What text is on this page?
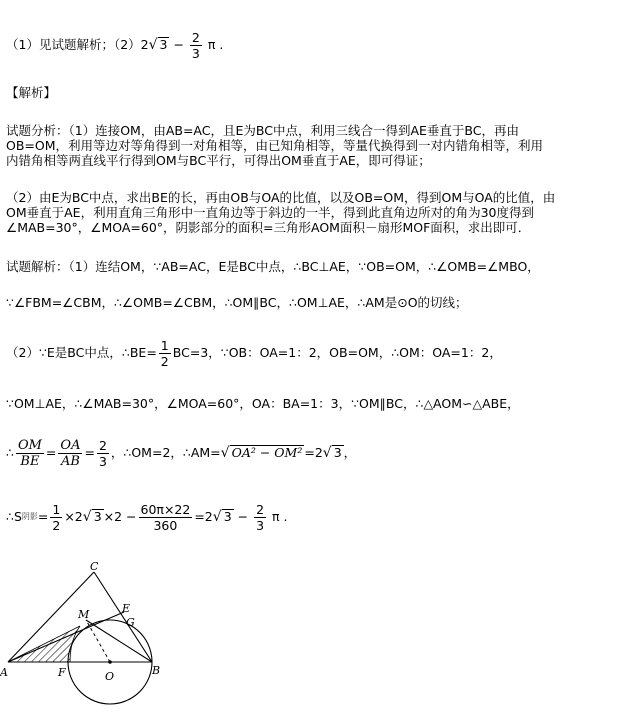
（1）见试题解析；（2）2√ $3 - \frac{2}{3}$ π .
【解析】
试题分析：（1）连接OM，由AB=AC，且E为BC中点，利用三线合一得到AE垂直于BC，再由
OB=OM，利用等边对等角得到一对角相等，由已知角相等，等量代换得到一对内错角相等，利用
内错角相等两直线平行得到OM与BC平行，可得出OM垂直于AE，即可得证；
（2）由E为BC中点，求出BE的长，再由OB与OA的比值，以及OB=OM，得到OM与OA的比值，由
OM垂直于AE，利用直角三角形中一直角边等于斜边的一半，得到此直角边所对的角为30度得到
∠MAB=30°，∠MOA=60°，阴影部分的面积=三角形AOM面积－扇形MOF面积，求出即可．
试题解析：（1）连结OM，∵AB=AC，E是BC中点，∴BC⊥AE，∵OB=OM，∴∠OMB=∠MBO，
∵∠FBM=∠CBM，∴∠OMB=∠CBM，∴OM∥BC，∴OM⊥AE，∴AM是⊙O的切线；
（2）∵E是BC中点，∴BE= $\frac{1}{2} BC=3$，∵OB：OA=1：2，OB=OM，∴OM：OA=1：2，
∵OM⊥AE，∴∠MAB=30°，∠MOA=60°，OA：BA=1：3，∵OM∥BC，∴△AOM∽△ABE，
∴ $\frac{OM}{BE} = \frac{OA}{AB} = \frac{2}{3}$ ，∴OM=2，∴AM=√ OA² − OM² =2√ 3 ，
∴S阴影= $\frac{1}{2} \times 2√$ $3 \times 2 - \frac{60\pi\times 22}{360} =2√$ $3 - \frac{2}{3}$ π .
C
E
G
M
A	F	O	B
